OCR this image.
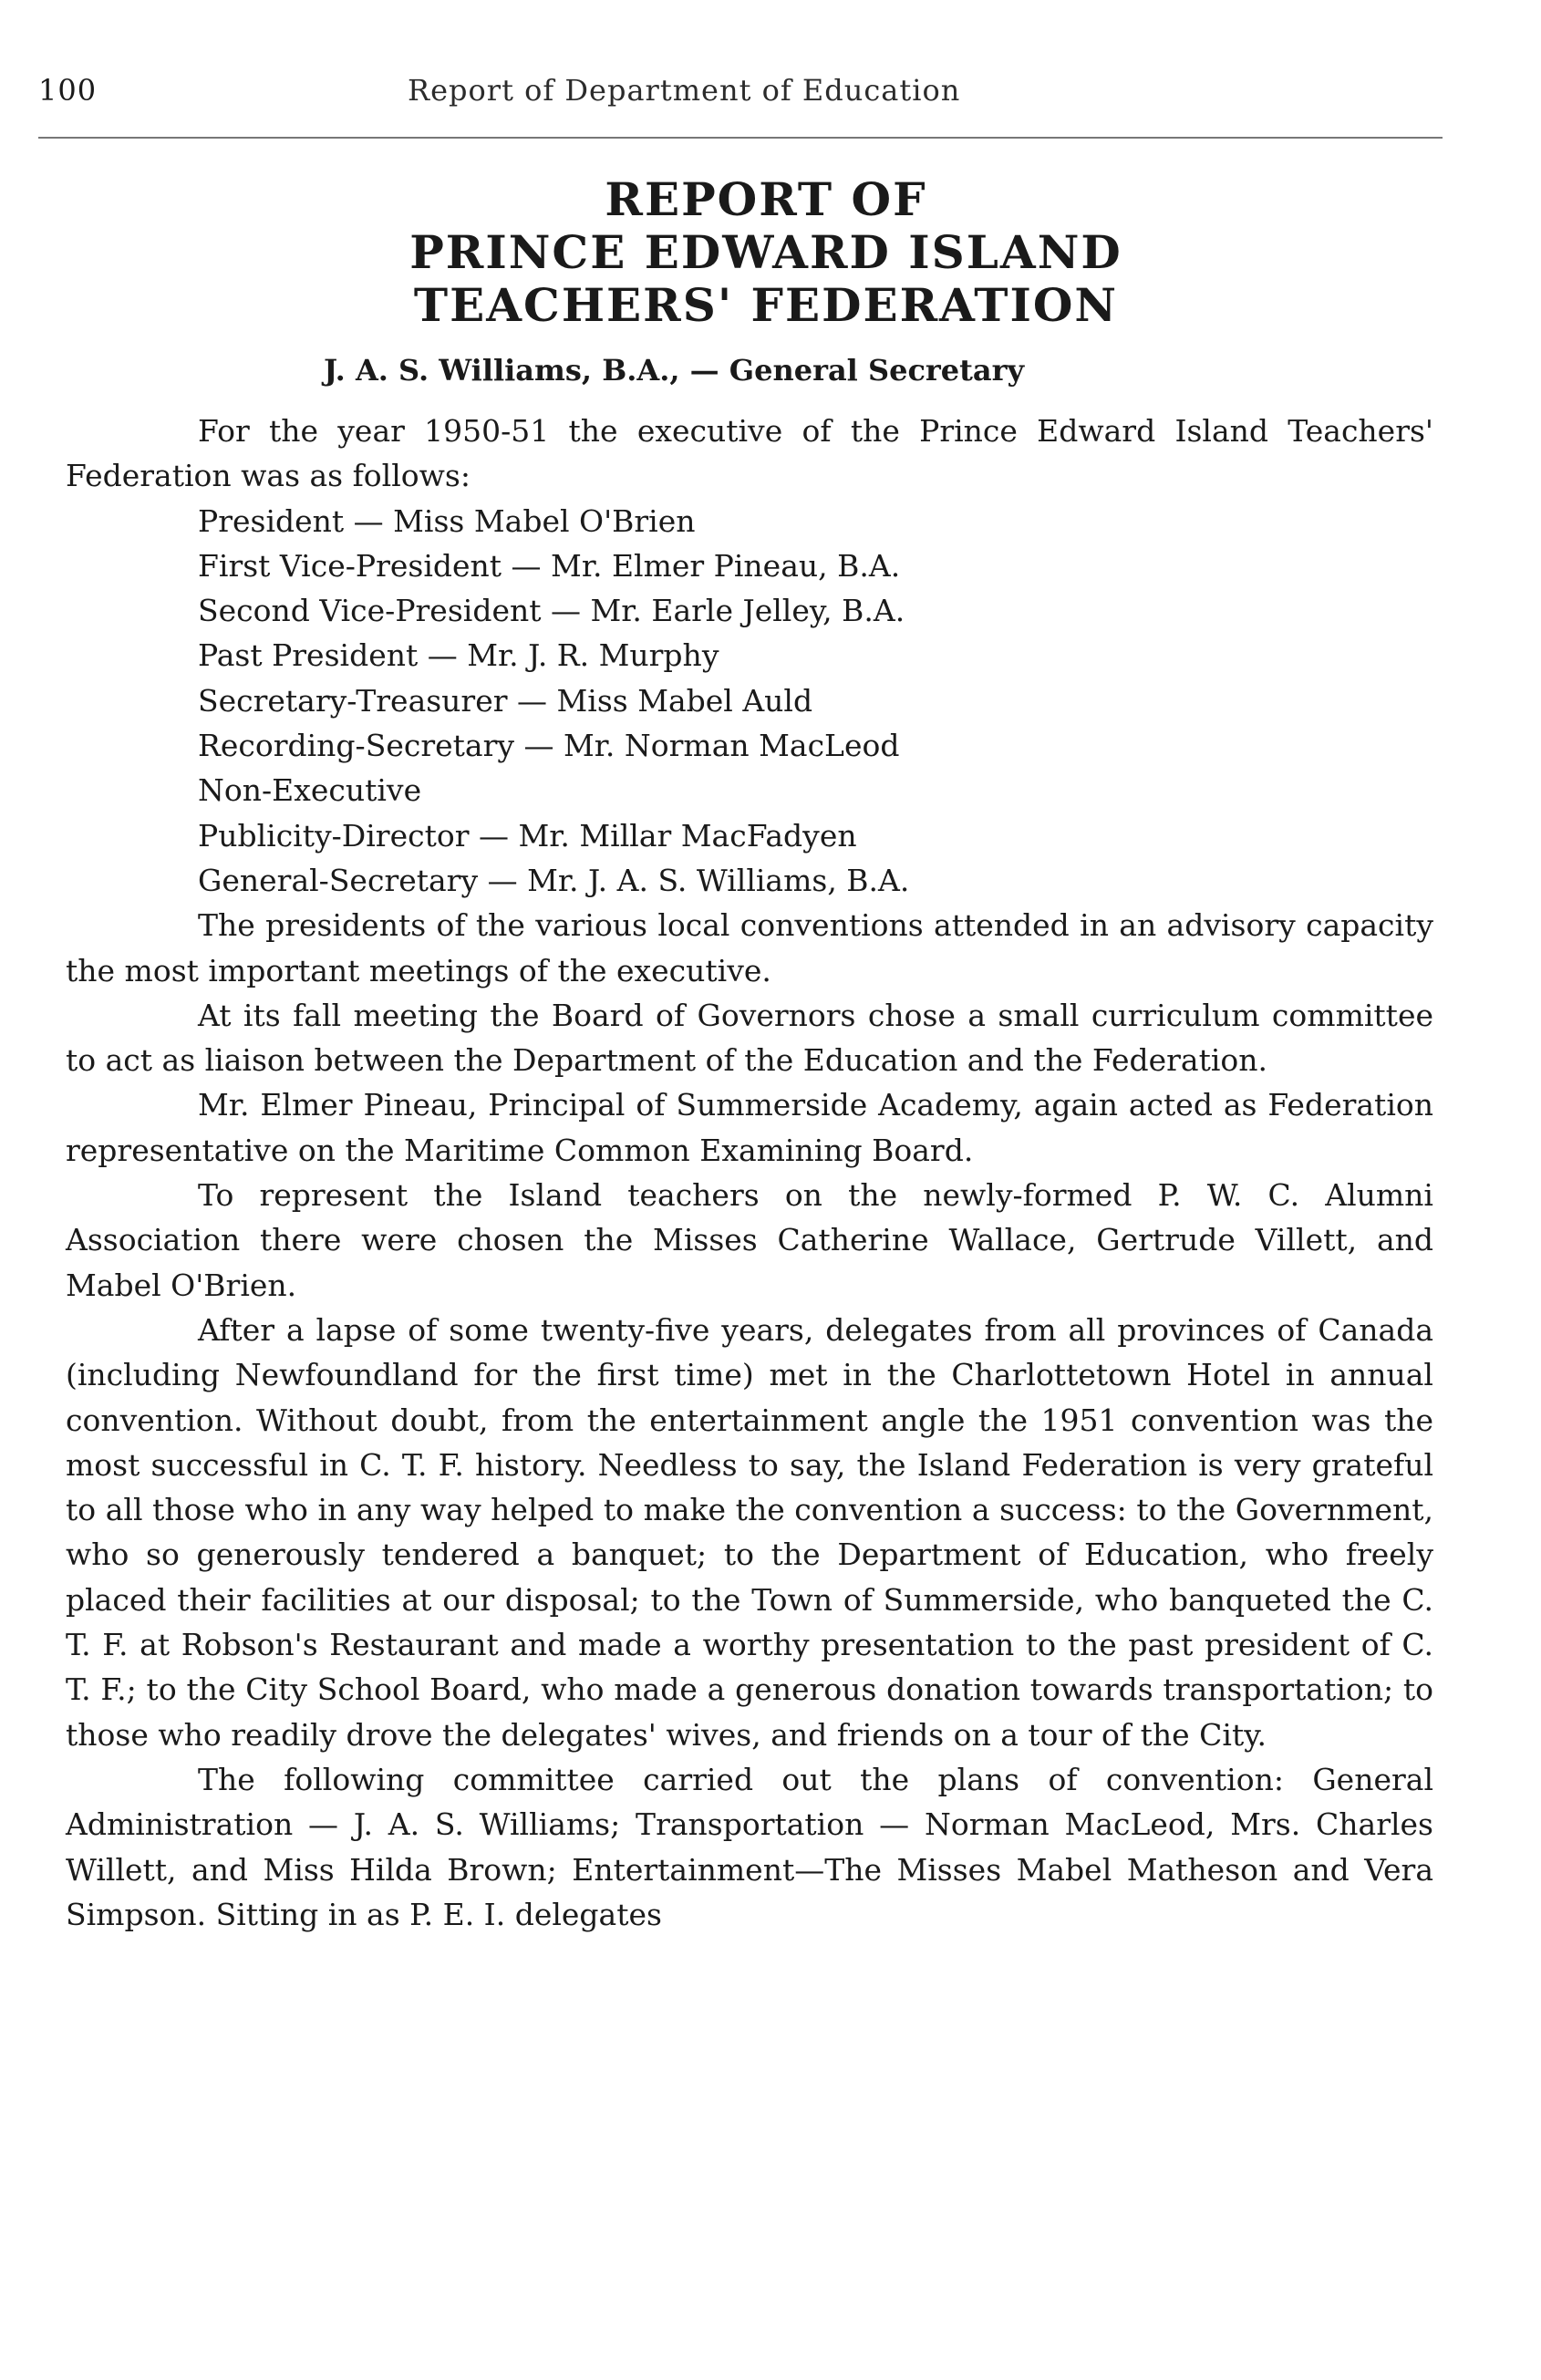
100	Report of Department of Education
REPORT OF
PRINCE EDWARD ISLAND
TEACHERS' FEDERATION
J. A. S. Williams, B.A., — General Secretary

For the year 1950-51 the executive of the Prince Edward Island Teachers' Federation was as follows:

President — Miss Mabel O'Brien
First Vice-President — Mr. Elmer Pineau, B.A.
Second Vice-President — Mr. Earle Jelley, B.A.
Past President — Mr. J. R. Murphy
Secretary-Treasurer — Miss Mabel Auld
Recording-Secretary — Mr. Norman MacLeod
Non-Executive
Publicity-Director — Mr. Millar MacFadyen
General-Secretary — Mr. J. A. S. Williams, B.A.

The presidents of the various local conventions attended in an advisory capacity the most important meetings of the executive.

At its fall meeting the Board of Governors chose a small curriculum committee to act as liaison between the Department of the Education and the Federation.

Mr. Elmer Pineau, Principal of Summerside Academy, again acted as Federation representative on the Maritime Common Examining Board.

To represent the Island teachers on the newly-formed P. W. C. Alumni Association there were chosen the Misses Catherine Wallace, Gertrude Villett, and Mabel O'Brien.

After a lapse of some twenty-five years, delegates from all provinces of Canada (including Newfoundland for the first time) met in the Charlottetown Hotel in annual convention. Without doubt, from the entertainment angle the 1951 convention was the most successful in C. T. F. history. Needless to say, the Island Federation is very grateful to all those who in any way helped to make the convention a success: to the Government, who so generously tendered a banquet; to the Department of Education, who freely placed their facilities at our disposal; to the Town of Summerside, who banqueted the C. T. F. at Robson's Restaurant and made a worthy presentation to the past president of C. T. F.; to the City School Board, who made a generous donation towards transportation; to those who readily drove the delegates' wives, and friends on a tour of the City.

The following committee carried out the plans of convention: General Administration — J. A. S. Williams; Transportation — Norman MacLeod, Mrs. Charles Willett, and Miss Hilda Brown; Entertainment—The Misses Mabel Matheson and Vera Simpson. Sitting in as P. E. I. delegates
